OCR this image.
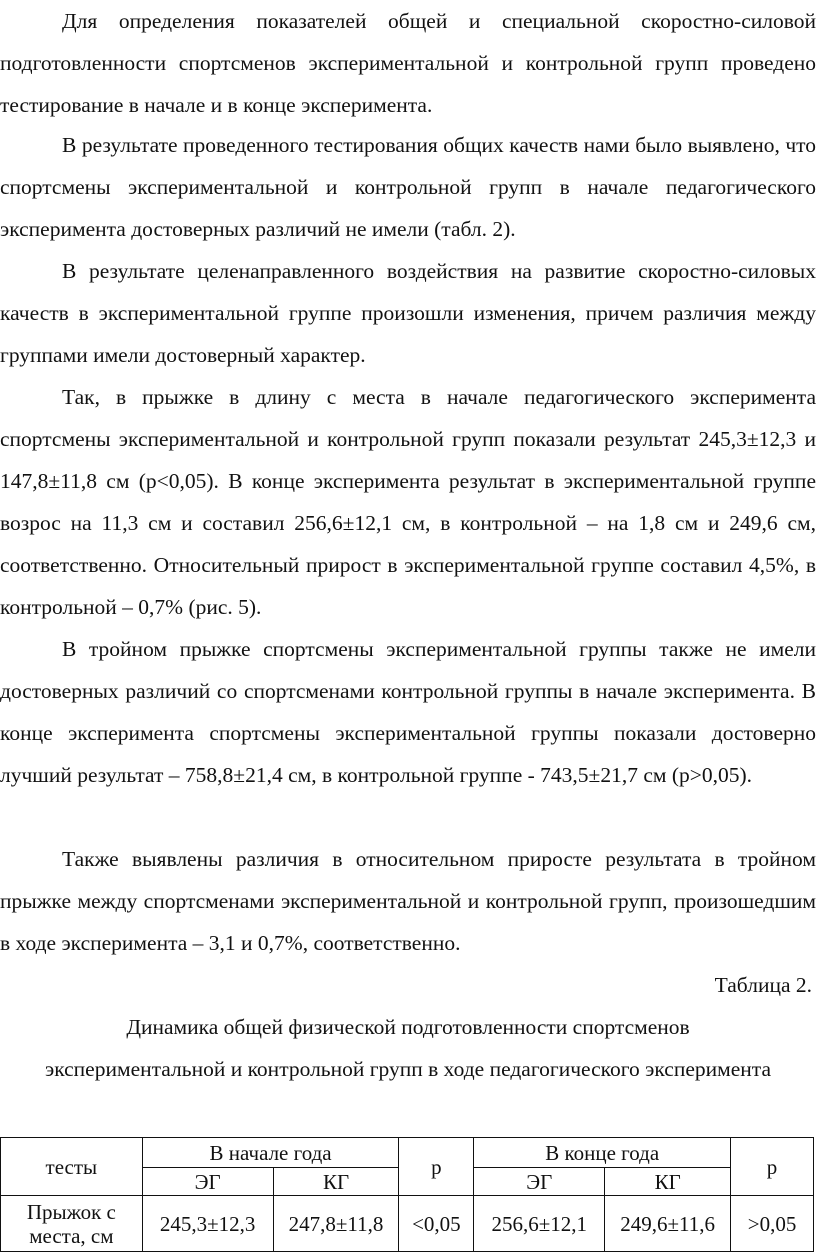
Для определения показателей общей и специальной скоростно-силовой подготовленности спортсменов экспериментальной и контрольной групп проведено тестирование в начале и в конце эксперимента.

В результате проведенного тестирования общих качеств нами было выявлено, что спортсмены экспериментальной и контрольной групп в начале педагогического эксперимента достоверных различий не имели (табл. 2).

В результате целенаправленного воздействия на развитие скоростно-силовых качеств в экспериментальной группе произошли изменения, причем различия между группами имели достоверный характер.

Так, в прыжке в длину с места в начале педагогического эксперимента спортсмены экспериментальной и контрольной групп показали результат 245,3±12,3 и 147,8±11,8 см (р<0,05). В конце эксперимента результат в экспериментальной группе возрос на 11,3 см и составил 256,6±12,1 см, в контрольной – на 1,8 см и 249,6 см, соответственно. Относительный прирост в экспериментальной группе составил 4,5%, в контрольной – 0,7% (рис. 5).

В тройном прыжке спортсмены экспериментальной группы также не имели достоверных различий со спортсменами контрольной группы в начале эксперимента. В конце эксперимента спортсмены экспериментальной группы показали достоверно лучший результат – 758,8±21,4 см, в контрольной группе - 743,5±21,7 см (р>0,05).

Также выявлены различия в относительном приросте результата в тройном прыжке между спортсменами экспериментальной и контрольной групп, произошедшим в ходе эксперимента – 3,1 и 0,7%, соответственно.

Таблица 2.

Динамика общей физической подготовленности спортсменов экспериментальной и контрольной групп в ходе педагогического эксперимента

тесты	В начале года		р	В конце года		р
	ЭГ	КГ		ЭГ	КГ	
Прыжок с места, см	245,3±12,3	247,8±11,8	<0,05	256,6±12,1	249,6±11,6	>0,05
